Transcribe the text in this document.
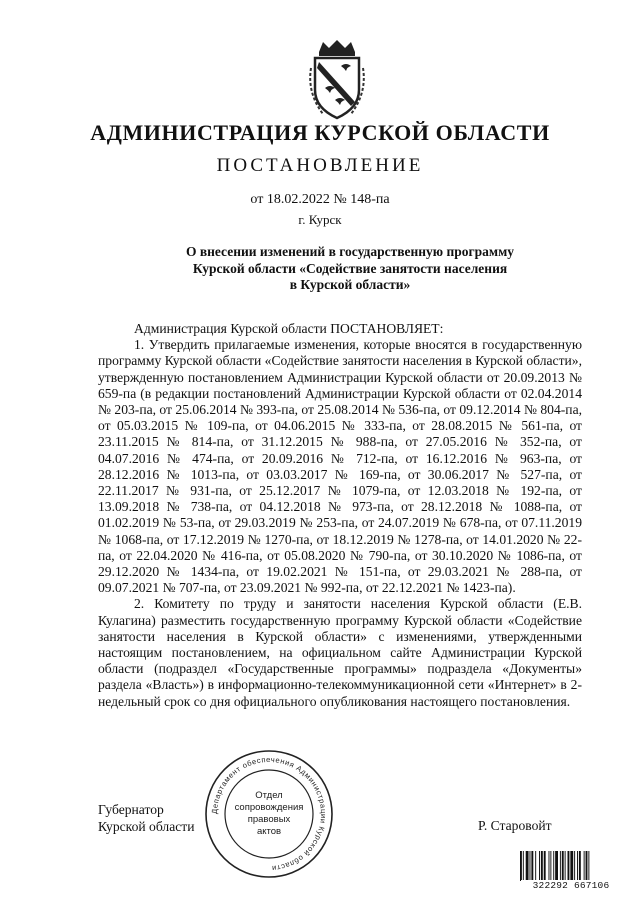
АДМИНИСТРАЦИЯ КУРСКОЙ ОБЛАСТИ
ПОСТАНОВЛЕНИЕ
от 18.02.2022 № 148-па
г. Курск
О внесении изменений в государственную программу
Курской области «Содействие занятости населения
в Курской области»

Администрация Курской области ПОСТАНОВЛЯЕТ:

1. Утвердить прилагаемые изменения, которые вносятся в государственную программу Курской области «Содействие занятости населения в Курской области», утвержденную постановлением Администрации Курской области от 20.09.2013 № 659-па (в редакции постановлений Администрации Курской области от 02.04.2014 № 203-па, от 25.06.2014 № 393-па, от 25.08.2014 № 536-па, от 09.12.2014 № 804-па, от 05.03.2015 № 109-па, от 04.06.2015 № 333-па, от 28.08.2015 № 561-па, от 23.11.2015 № 814-па, от 31.12.2015 № 988-па, от 27.05.2016 № 352-па, от 04.07.2016 № 474-па, от 20.09.2016 № 712-па, от 16.12.2016 № 963-па, от 28.12.2016 № 1013-па, от 03.03.2017 № 169-па, от 30.06.2017 № 527-па, от 22.11.2017 № 931-па, от 25.12.2017 № 1079-па, от 12.03.2018 № 192-па, от 13.09.2018 № 738-па, от 04.12.2018 № 973-па, от 28.12.2018 № 1088-па, от 01.02.2019 № 53-па, от 29.03.2019 № 253-па, от 24.07.2019 № 678-па, от 07.11.2019 № 1068-па, от 17.12.2019 № 1270-па, от 18.12.2019 № 1278-па, от 14.01.2020 № 22-па, от 22.04.2020 № 416-па, от 05.08.2020 № 790-па, от 30.10.2020 № 1086-па, от 29.12.2020 № 1434-па, от 19.02.2021 № 151-па, от 29.03.2021 № 288-па, от 09.07.2021 № 707-па, от 23.09.2021 № 992-па, от 22.12.2021 № 1423-па).

2. Комитету по труду и занятости населения Курской области (Е.В. Кулагина) разместить государственную программу Курской области «Содействие занятости населения в Курской области» с изменениями, утвержденными настоящим постановлением, на официальном сайте Администрации Курской области (подраздел «Государственные программы» подраздела «Документы» раздела «Власть») в информационно-телекоммуникационной сети «Интернет» в 2-недельный срок со дня официального опубликования настоящего постановления.

Губернатор
Курской области
Департамент обеспечения Администрации Курской области
Отдел
сопровождения
правовых
актов	Р. Старовойт
322292 667106
